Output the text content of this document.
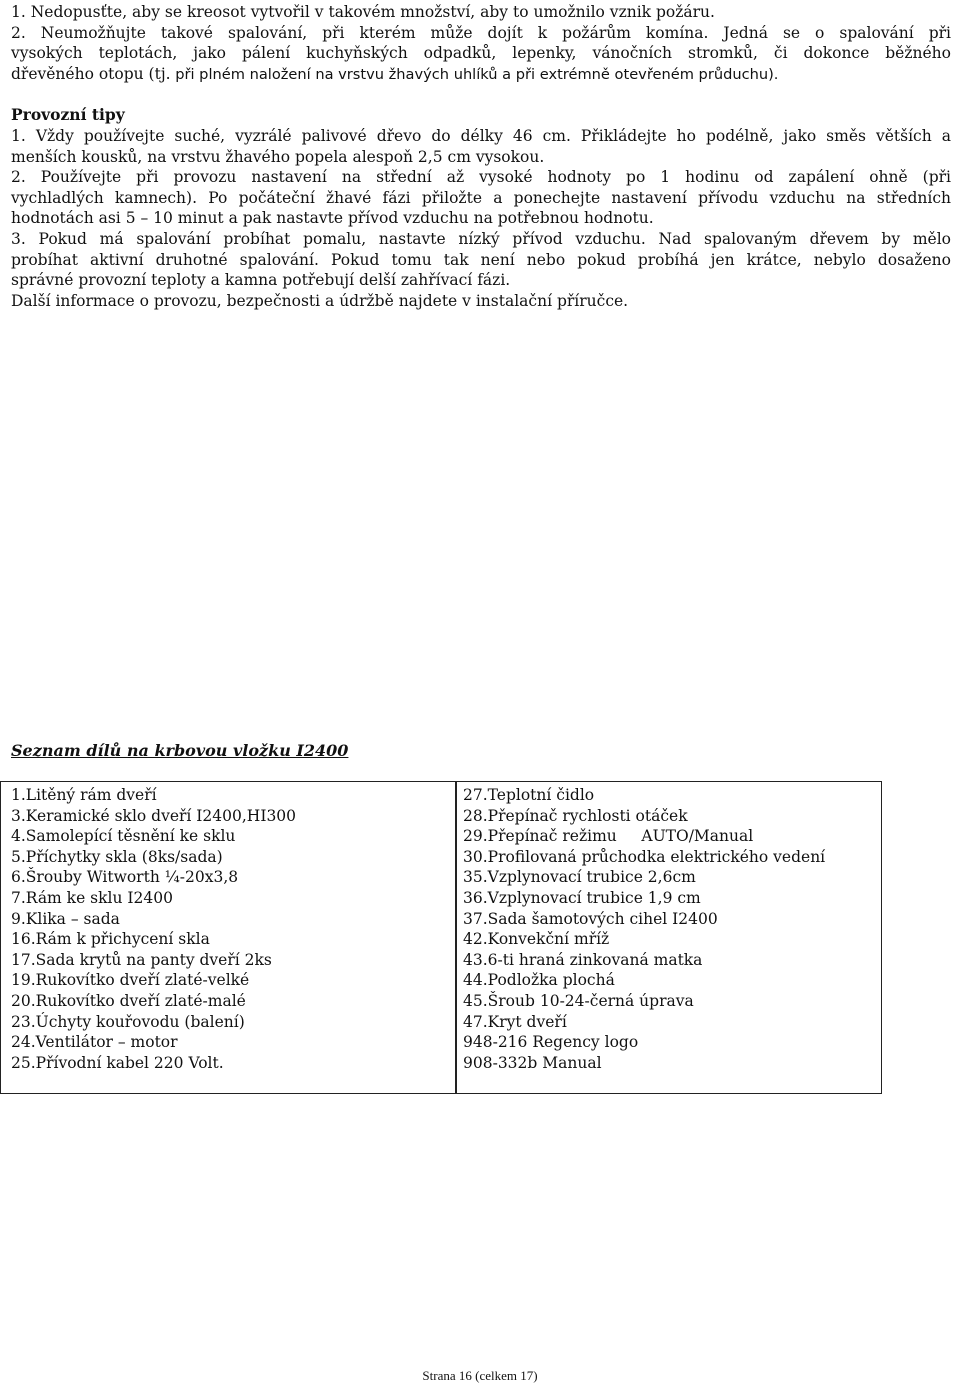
1. Nedopusťte, aby se kreosot vytvořil v takovém množství, aby to umožnilo vznik požáru.
2. Neumožňujte takové spalování, při kterém může dojít k požárům komína. Jedná se o spalování při
vysokých teplotách, jako pálení kuchyňských odpadků, lepenky, vánočních stromků, či dokonce běžného
dřevěného otopu (tj. při plném naložení na vrstvu žhavých uhlíků a při extrémně otevřeném průduchu).
Provozní tipy
1. Vždy používejte suché, vyzrálé palivové dřevo do délky 46 cm. Přikládejte ho podélně, jako směs větších a
menších kousků, na vrstvu žhavého popela alespoň 2,5 cm vysokou.
2. Používejte při provozu nastavení na střední až vysoké hodnoty po 1 hodinu od zapálení ohně (při
vychladlých kamnech). Po počáteční žhavé fázi přiložte a ponechejte nastavení přívodu vzduchu na středních
hodnotách asi 5 – 10 minut a pak nastavte přívod vzduchu na potřebnou hodnotu.
3. Pokud má spalování probíhat pomalu, nastavte nízký přívod vzduchu. Nad spalovaným dřevem by mělo
probíhat aktivní druhotné spalování. Pokud tomu tak není nebo pokud probíhá jen krátce, nebylo dosaženo
správné provozní teploty a kamna potřebují delší zahřívací fázi.
Další informace o provozu, bezpečnosti a údržbě najdete v instalační příručce.
Seznam dílů na krbovou vložku I2400
1.Litěný rám dveří
3.Keramické sklo dveří I2400,HI300
4.Samolepící těsnění ke sklu
5.Příchytky skla (8ks/sada)
6.Šrouby Witworth ¼-20x3,8
7.Rám ke sklu I2400
9.Klika – sada
16.Rám k přichycení skla
17.Sada krytů na panty dveří 2ks
19.Rukovítko dveří zlaté-velké
20.Rukovítko dveří zlaté-malé
23.Úchyty kouřovodu (balení)
24.Ventilátor – motor
25.Přívodní kabel 220 Volt.
27.Teplotní čidlo
28.Přepínač rychlosti otáček
29.Přepínač režimu     AUTO/Manual
30.Profilovaná průchodka elektrického vedení
35.Vzplynovací trubice 2,6cm
36.Vzplynovací trubice 1,9 cm
37.Sada šamotových cihel I2400
42.Konvekční mříž
43.6-ti hraná zinkovaná matka
44.Podložka plochá
45.Šroub 10-24-černá úprava
47.Kryt dveří
948-216 Regency logo
908-332b Manual
Strana 16 (celkem 17)
